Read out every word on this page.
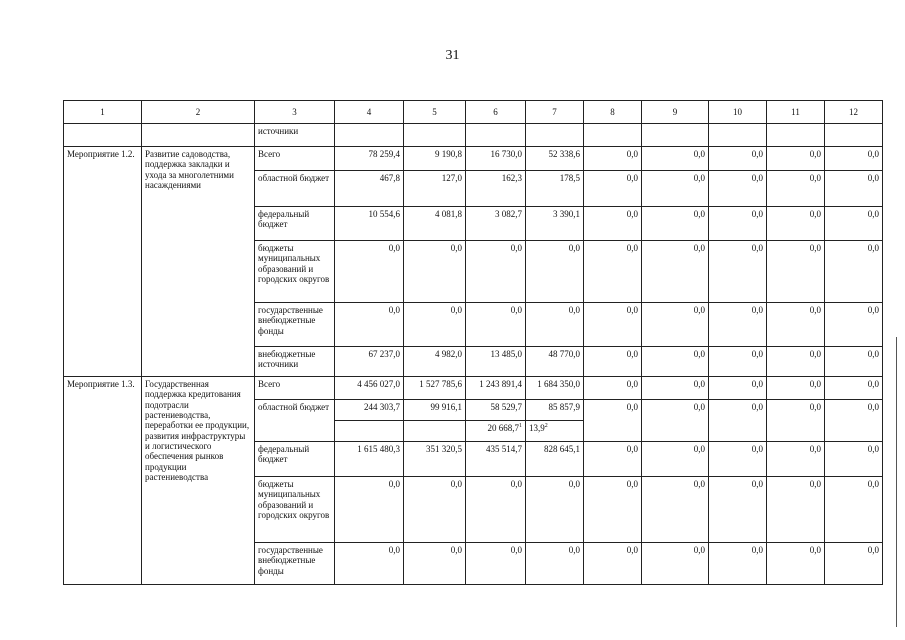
31
1	2	3	4	5	6	7	8	9	10	11	12
		источники									
Мероприятие 1.2.	Развитие садоводства, поддержка закладки и ухода за многолетними насаждениями	Всего	78 259,4	9 190,8	16 730,0	52 338,6	0,0	0,0	0,0	0,0	0,0
		областной бюджет	467,8	127,0	162,3	178,5	0,0	0,0	0,0	0,0	0,0
		федеральный бюджет	10 554,6	4 081,8	3 082,7	3 390,1	0,0	0,0	0,0	0,0	0,0
		бюджеты муниципальных образований и городских округов	0,0	0,0	0,0	0,0	0,0	0,0	0,0	0,0	0,0
		государственные внебюджетные фонды	0,0	0,0	0,0	0,0	0,0	0,0	0,0	0,0	0,0
		внебюджетные источники	67 237,0	4 982,0	13 485,0	48 770,0	0,0	0,0	0,0	0,0	0,0
Мероприятие 1.3.	Государственная поддержка кредитования подотрасли растениеводства, переработки ее продукции, развития инфраструктуры и логистического обеспечения рынков продукции растениеводства	Всего	4 456 027,0	1 527 785,6	1 243 891,4	1 684 350,0	0,0	0,0	0,0	0,0	0,0
		областной бюджет	244 303,7	99 916,1	58 529,7	85 857,9	0,0	0,0	0,0	0,0	0,0
					20 668,7$^1$	13,9$^2$
		федеральный бюджет	1 615 480,3	351 320,5	435 514,7	828 645,1	0,0	0,0	0,0	0,0	0,0
		бюджеты муниципальных образований и городских округов	0,0	0,0	0,0	0,0	0,0	0,0	0,0	0,0	0,0
		государственные внебюджетные фонды	0,0	0,0	0,0	0,0	0,0	0,0	0,0	0,0	0,0
